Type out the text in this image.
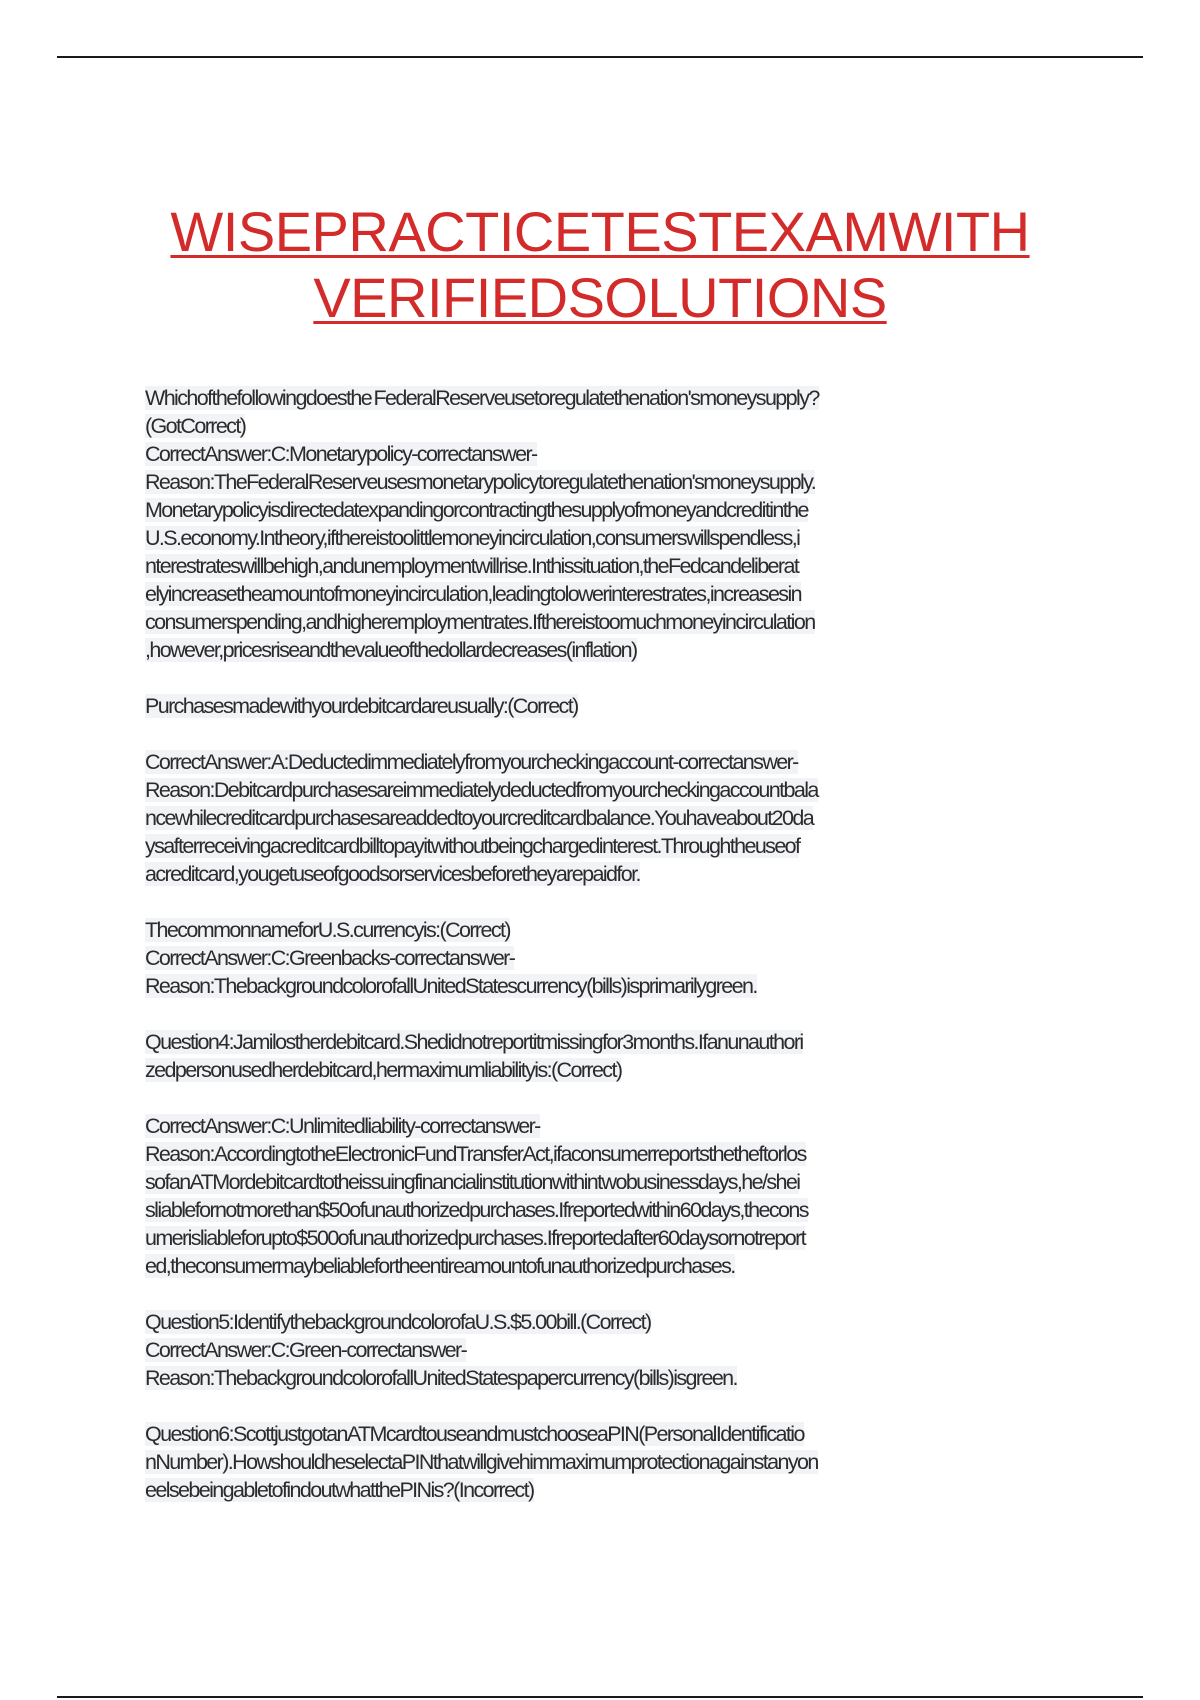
WISEPRACTICETESTEXAMWITH
VERIFIEDSOLUTIONS
Whichofthefollowingdoesthe FederalReserveusetoregulatethenation'smoneysupply?
(GotCorrect)
CorrectAnswer:C:Monetarypolicy-correctanswer-
Reason:TheFederalReserveusesmonetarypolicytoregulatethenation'smoneysupply.
Monetarypolicyisdirectedatexpandingorcontractingthesupplyofmoneyandcreditinthe
U.S.economy.Intheory,ifthereistoolittlemoneyincirculation,consumerswillspendless,i
nterestrateswillbehigh,andunemploymentwillrise.Inthissituation,theFedcandeliberat
elyincreasetheamountofmoneyincirculation,leadingtolowerinterestrates,increasesin
consumerspending,andhigheremploymentrates.Ifthereistoomuchmoneyincirculation
,however,pricesriseandthevalueofthedollardecreases(inflation)
Purchasesmadewithyourdebitcardareusually:(Correct)
CorrectAnswer:A:Deductedimmediatelyfromyourcheckingaccount-correctanswer-
Reason:Debitcardpurchasesareimmediatelydeductedfromyourcheckingaccountbala
ncewhilecreditcardpurchasesareaddedtoyourcreditcardbalance.Youhaveabout20da
ysafterreceivingacreditcardbilltopayitwithoutbeingchargedinterest.Throughtheuseof
acreditcard,yougetuseofgoodsorservicesbeforetheyarepaidfor.
ThecommonnameforU.S.currencyis:(Correct)
CorrectAnswer:C:Greenbacks-correctanswer-
Reason:ThebackgroundcolorofallUnitedStatescurrency(bills)isprimarilygreen.
Question4:Jamilostherdebitcard.Shedidnotreportitmissingfor3months.Ifanunauthori
zedpersonusedherdebitcard,hermaximumliabilityis:(Correct)
CorrectAnswer:C:Unlimitedliability-correctanswer-
Reason:AccordingtotheElectronicFundTransferAct,ifaconsumerreportsthetheftorlos
sofanATMordebitcardtotheissuingfinancialinstitutionwithintwobusinessdays,he/shei
sliablefornotmorethan$50ofunauthorizedpurchases.Ifreportedwithin60days,thecons
umerisliableforupto$500ofunauthorizedpurchases.Ifreportedafter60daysornotreport
ed,theconsumermaybeliablefortheentireamountofunauthorizedpurchases.
Question5:IdentifythebackgroundcolorofaU.S.$5.00bill.(Correct)
CorrectAnswer:C:Green-correctanswer-
Reason:ThebackgroundcolorofallUnitedStatespapercurrency(bills)isgreen.
Question6:ScottjustgotanATMcardtouseandmustchooseaPIN(PersonalIdentificatio
nNumber).HowshouldheselectaPINthatwillgivehimmaximumprotectionagainstanyon
eelsebeingabletofindoutwhatthePINis?(Incorrect)
